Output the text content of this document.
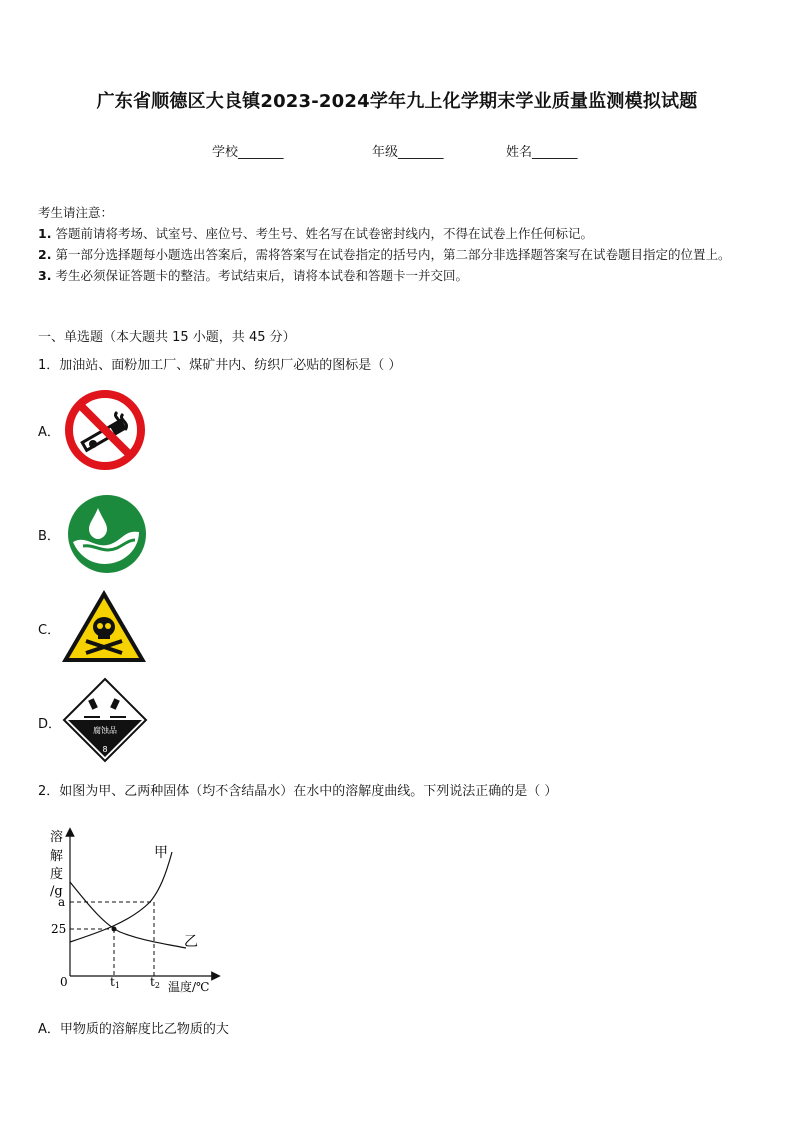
广东省顺德区大良镇2023-2024学年九上化学期末学业质量监测模拟试题
学校_______	年级_______	姓名_______
考生请注意：
1. 答题前请将考场、试室号、座位号、考生号、姓名写在试卷密封线内，不得在试卷上作任何标记。
2. 第一部分选择题每小题选出答案后，需将答案写在试卷指定的括号内，第二部分非选择题答案写在试卷题目指定的位置上。
3. 考生必须保证答题卡的整洁。考试结束后，请将本试卷和答题卡一并交回。
一、单选题（本大题共 15 小题，共 45 分）
1．加油站、面粉加工厂、煤矿井内、纺织厂必贴的图标是（ ）
A．
B．
C．
D．	腐蚀品
8
2．如图为甲、乙两种固体（均不含结晶水）在水中的溶解度曲线。下列说法正确的是（ ）
溶
解
度
/g
0
a
25
甲
乙
t1	t2 温度/℃
A．甲物质的溶解度比乙物质的大
